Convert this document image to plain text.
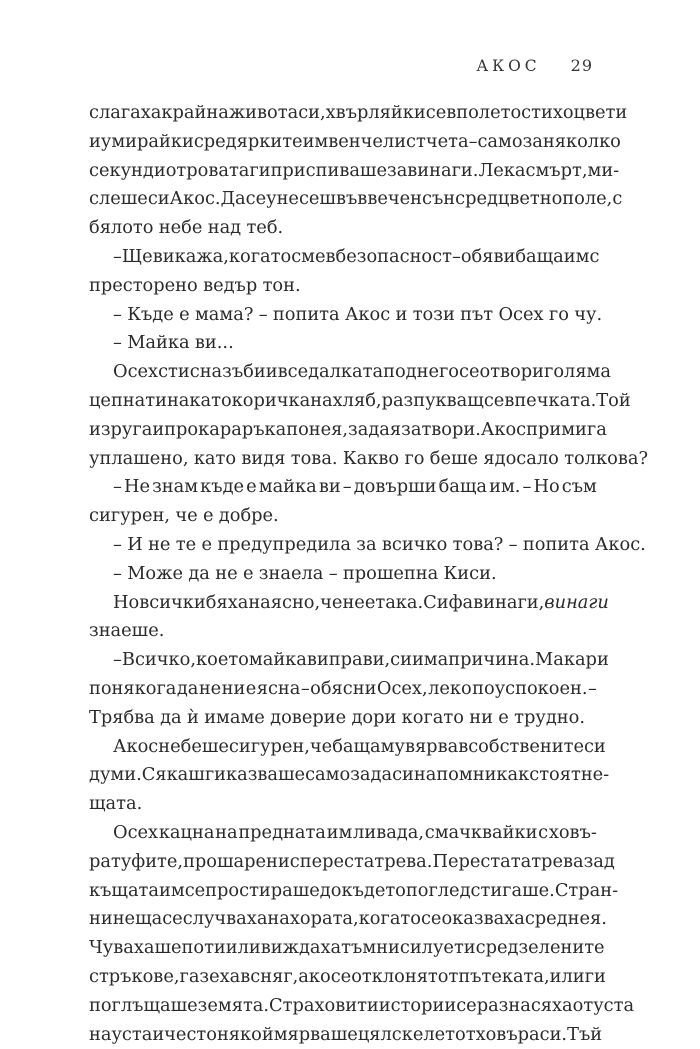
АКОС 29
слагаха край на живота си, хвърляйки се в полето с тихоцвети
и умирайки сред ярките им венчелистчета – само за няколко
секунди отровата ги приспиваше завинаги. Лека смърт, ми-
слеше си Акос. Да се унесеш във вечен сън сред цветно поле, с
бялото небе над теб.
– Ще ви кажа, когато сме в безопасност – обяви баща им с
престорено ведър тон.
– Къде е мама? – попита Акос и този път Осех го чу.
– Майка ви...
Осех стисна зъби и в седалката под него се отвори голяма
цепнатина като коричка на хляб, разпукващ се в печката. Той
изруга и прокара ръка по нея, за да я затвори. Акос примига
уплашено, като видя това. Какво го беше ядосало толкова?
– Не знам къде е майка ви – довърши баща им. – Но съм
сигурен, че е добре.
– И не те е предупредила за всичко това? – попита Акос.
– Може да не е знаела – прошепна Киси.
Но всички бяха наясно, че не е така. Сифа винаги, винаги
знаеше.
– Всичко, което майка ви прави, си има причина. Макар и
понякога да не ни е ясна – обясни Осех, леко поуспокоен. –
Трябва да ѝ имаме доверие дори когато ни е трудно.
Акос не беше сигурен, че баща му вярва в собствените си
думи. Сякаш ги казваше само за да си напомни как стоят не-
щата.
Осех кацна на предната им ливада, смачквайки с ховъ-
ра туфите, прошарени с переста трева. Перестата трева зад
къщата им се простираше докъдето поглед стигаше. Стран-
ни неща се случваха на хората, когато се оказваха сред нея.
Чуваха шепоти или виждаха тъмни силуети сред зелените
стръкове, газеха в сняг, ако се отклонят от пътеката, или ги
поглъщаше земята. Страховити истории се разнасяха от уста
на уста и често някой мярваше цял скелет от ховъра си. Тъй
